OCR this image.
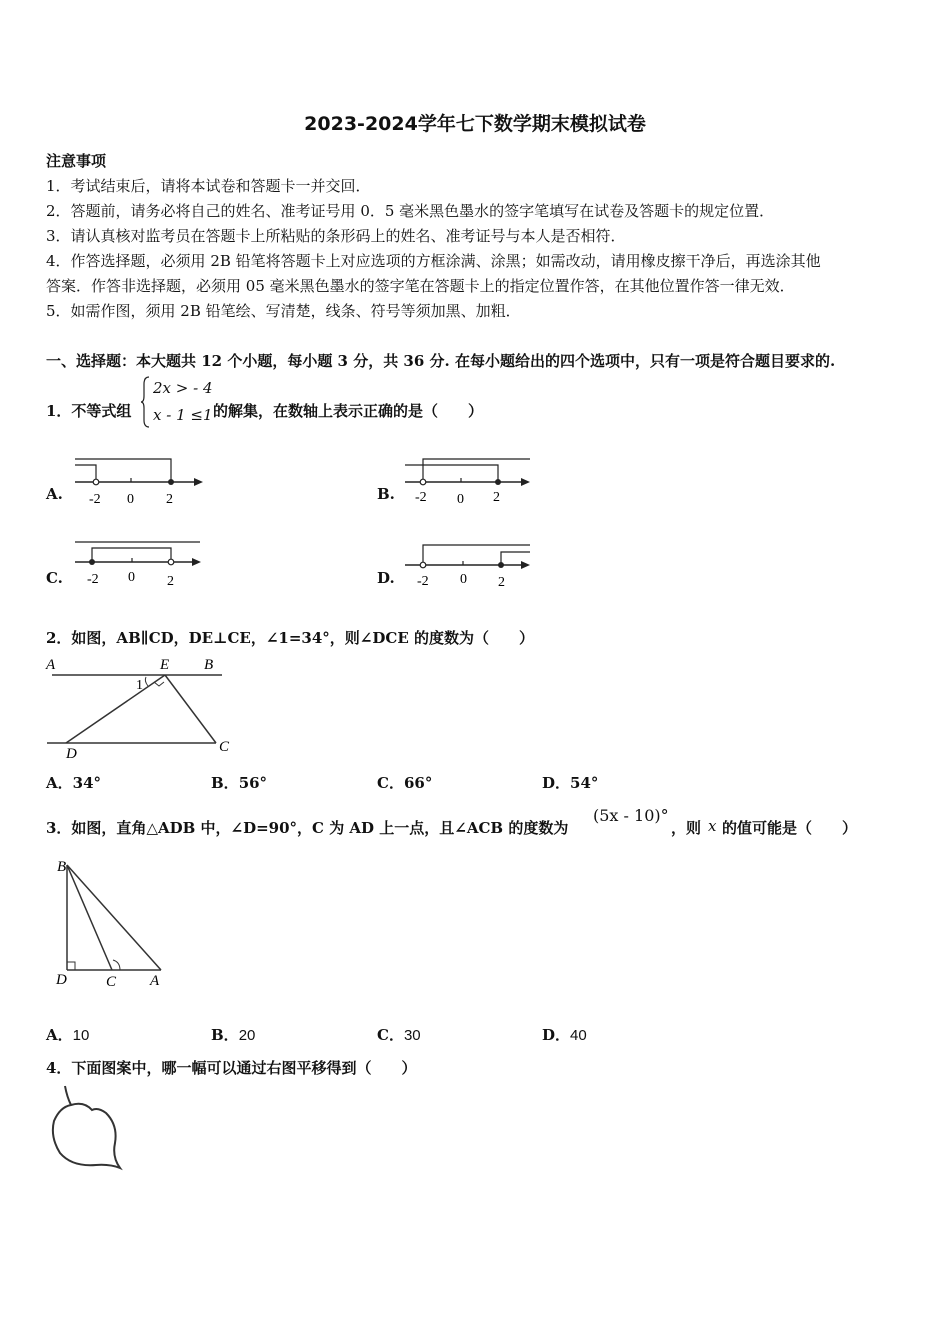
2023-2024学年七下数学期末模拟试卷
注意事项
1．考试结束后，请将本试卷和答题卡一并交回．
2．答题前，请务必将自己的姓名、准考证号用 0．5 毫米黑色墨水的签字笔填写在试卷及答题卡的规定位置．
3．请认真核对监考员在答题卡上所粘贴的条形码上的姓名、准考证号与本人是否相符．
4．作答选择题，必须用 2B 铅笔将答题卡上对应选项的方框涂满、涂黑；如需改动，请用橡皮擦干净后，再选涂其他
答案．作答非选择题，必须用 05 毫米黑色墨水的签字笔在答题卡上的指定位置作答，在其他位置作答一律无效．
5．如需作图，须用 2B 铅笔绘、写清楚，线条、符号等须加黑、加粗．
一、选择题：本大题共 12 个小题，每小题 3 分，共 36 分. 在每小题给出的四个选项中，只有一项是符合题目要求的.
1．不等式组
2x > - 4
x - 1 ≤1 的解集，在数轴上表示正确的是（　　）
A. -2 0 2	B. -2 0 2
C. -2 0 2	D. -2 0 2
2．如图，AB∥CD，DE⊥CE，∠1=34°，则∠DCE 的度数为（　　）
A	E B
1
D	C
A．34°	B．56°	C．66°	D．54°
3．如图，直角△ADB 中，∠D=90°，C 为 AD 上一点，且∠ACB 的度数为
(5x - 10)°
，则 x 的值可能是（　　）
B
D	C A
A．10	B．20	C．30	D．40
4．下面图案中，哪一幅可以通过右图平移得到（　　）
